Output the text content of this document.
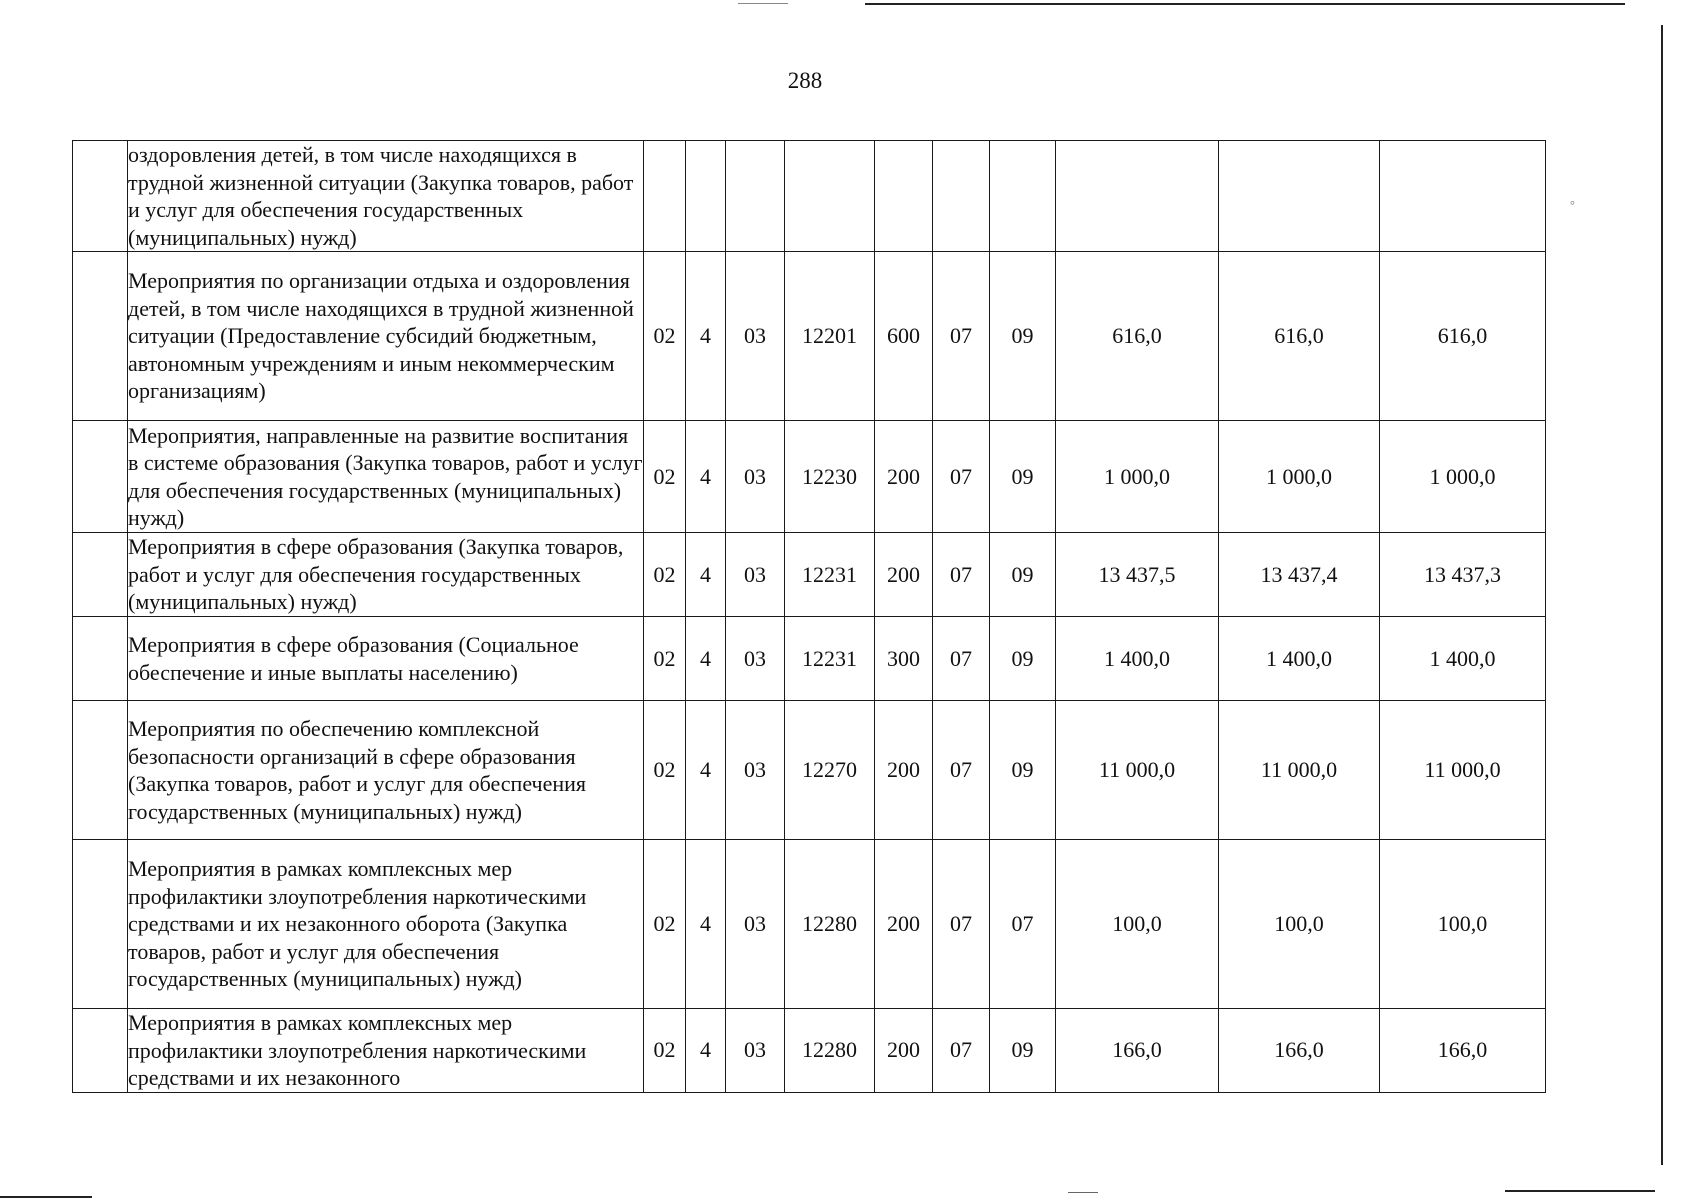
°
288
	оздоровления детей, в том числе находящихся в трудной жизненной ситуации (Закупка товаров, работ и услуг для обеспечения государственных (муниципальных) нужд)										
	Мероприятия по организации отдыха и оздоровления детей, в том числе находящихся в трудной жизненной ситуации (Предоставление субсидий бюджетным, автономным учреждениям и иным некоммерческим организациям)	02	4	03	12201	600	07	09	616,0	616,0	616,0
	Мероприятия, направленные на развитие воспитания в системе образования (Закупка товаров, работ и услуг для обеспечения государственных (муниципальных) нужд)	02	4	03	12230	200	07	09	1 000,0	1 000,0	1 000,0
	Мероприятия в сфере образования (Закупка товаров, работ и услуг для обеспечения государственных (муниципальных) нужд)	02	4	03	12231	200	07	09	13 437,5	13 437,4	13 437,3
	Мероприятия в сфере образования (Социальное обеспечение и иные выплаты населению)	02	4	03	12231	300	07	09	1 400,0	1 400,0	1 400,0
	Мероприятия по обеспечению комплексной безопасности организаций в сфере образования (Закупка товаров, работ и услуг для обеспечения государственных (муниципальных) нужд)	02	4	03	12270	200	07	09	11 000,0	11 000,0	11 000,0
	Мероприятия в рамках комплексных мер профилактики злоупотребления наркотическими средствами и их незаконного оборота (Закупка товаров, работ и услуг для обеспечения государственных (муниципальных) нужд)	02	4	03	12280	200	07	07	100,0	100,0	100,0
	Мероприятия в рамках комплексных мер профилактики злоупотребления наркотическими средствами и их незаконного	02	4	03	12280	200	07	09	166,0	166,0	166,0
